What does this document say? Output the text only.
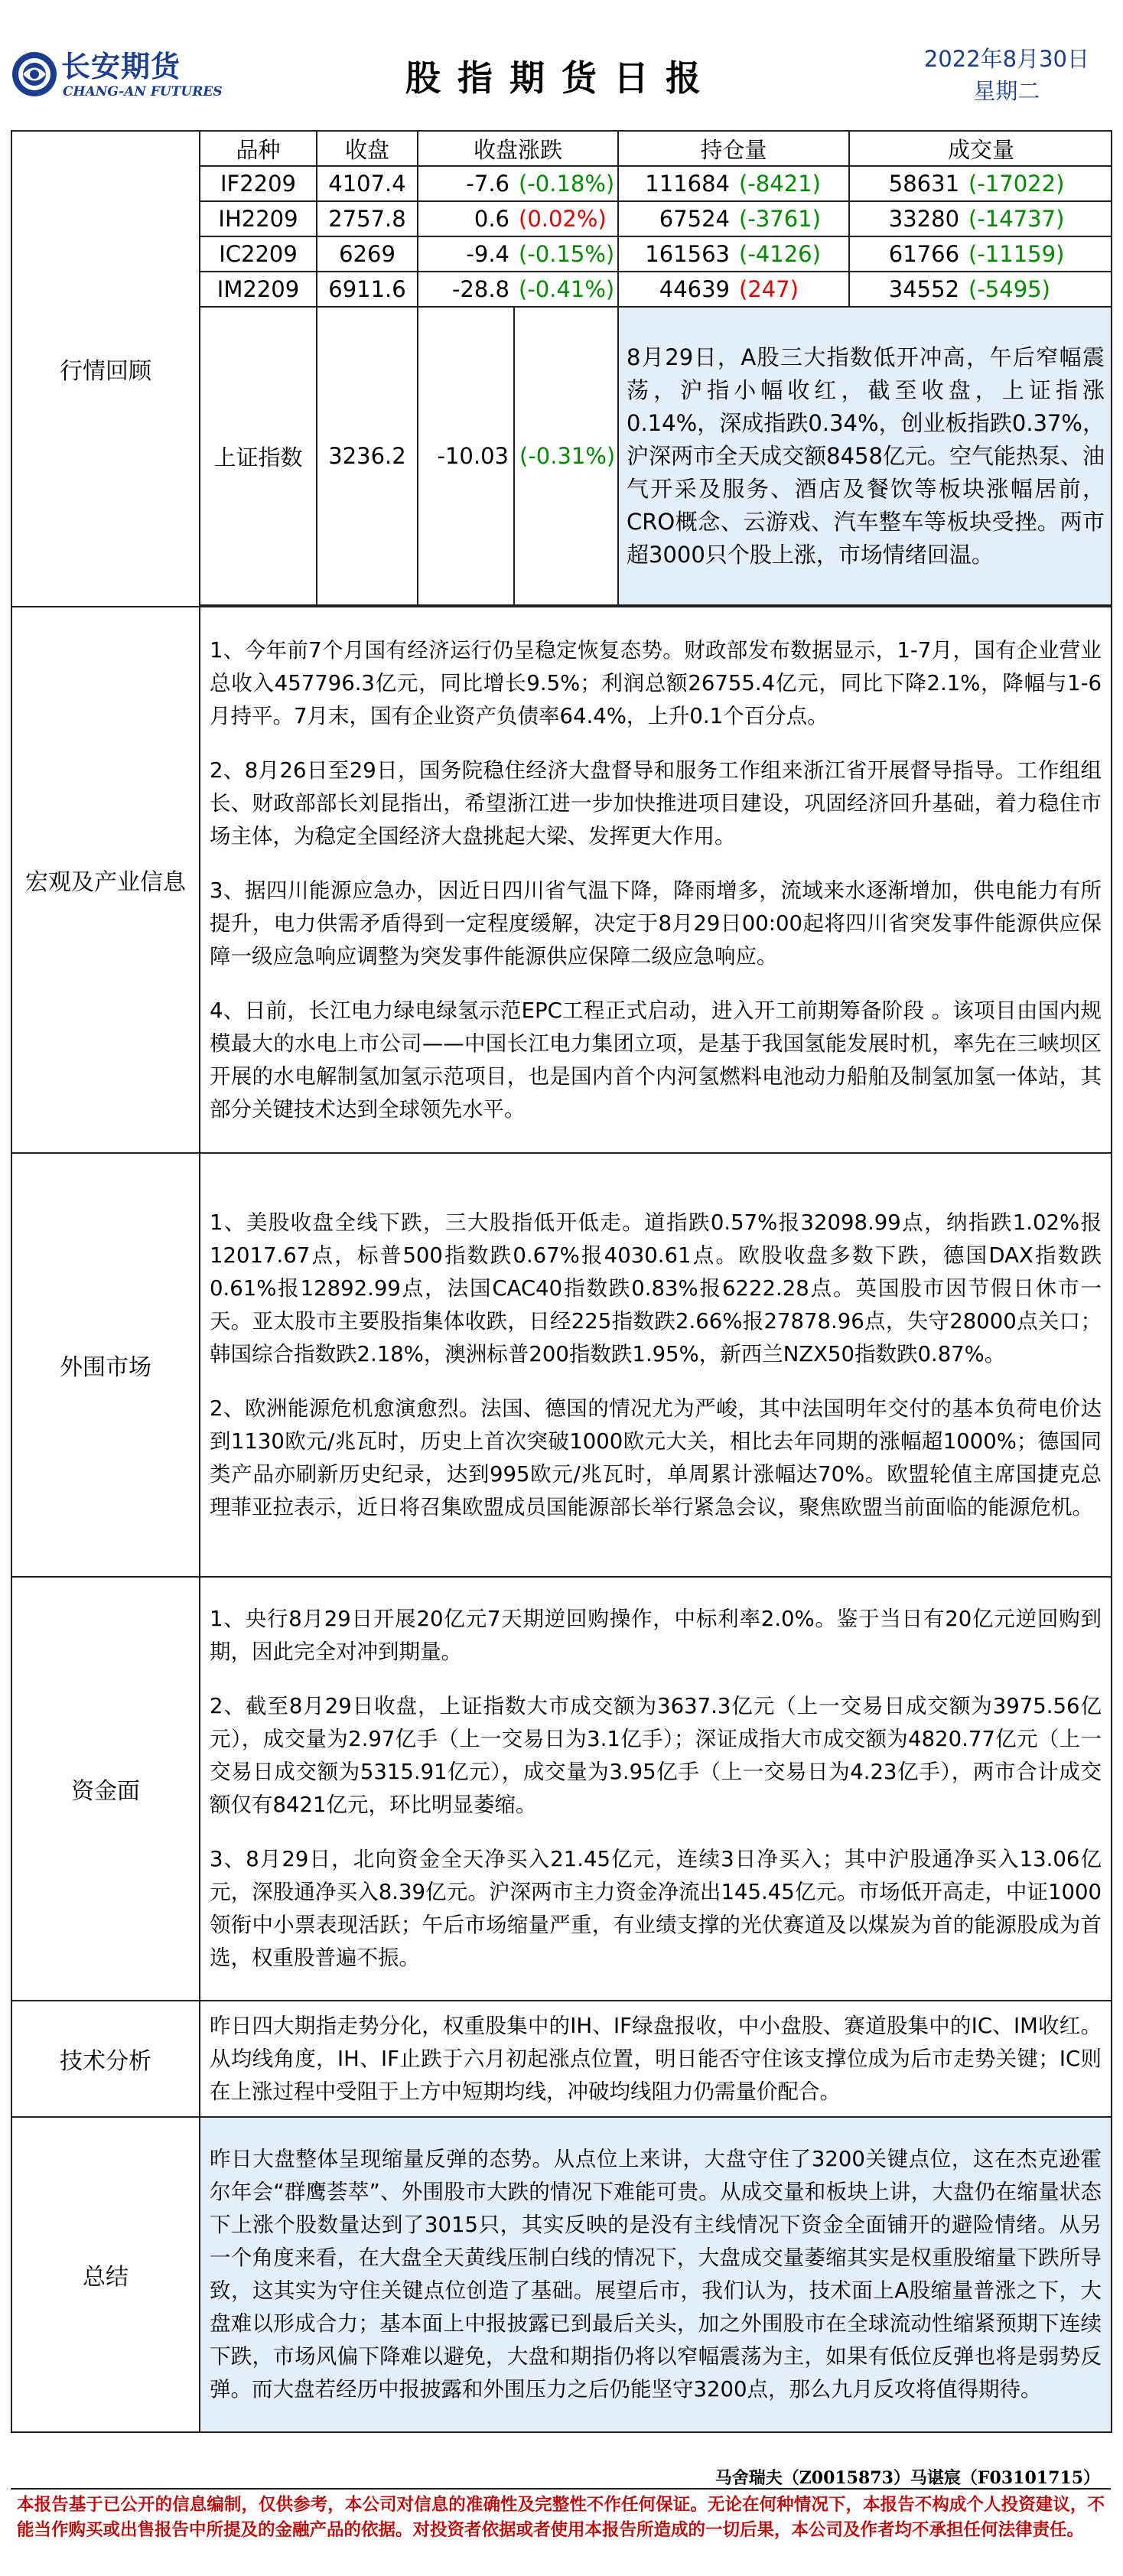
长安期货
CHANG-AN FUTURES	股指期货日报	2022年8月30日
星期二
行情回顾	
品种	收盘	收盘涨跌	持仓量	成交量
IF2209	4107.4	-7.6	(-0.18%)	111684	(-8421)	58631	(-17022)
IH2209	2757.8	0.6	(0.02%)	67524	(-3761)	33280	(-14737)
IC2209	6269	-9.4	(-0.15%)	161563	(-4126)	61766	(-11159)
IM2209	6911.6	-28.8	(-0.41%)	44639	(247)	34552	(-5495)
上证指数	3236.2	-10.03	(-0.31%)	8月29日，A股三大指数低开冲高，午后窄幅震荡，沪指小幅收红，截至收盘，上证指涨0.14%，深成指跌0.34%，创业板指跌0.37%，沪深两市全天成交额8458亿元。空气能热泵、油气开采及服务、酒店及餐饮等板块涨幅居前，CRO概念、云游戏、汽车整车等板块受挫。两市超3000只个股上涨，市场情绪回温。

宏观及产业信息	

1、今年前7个月国有经济运行仍呈稳定恢复态势。财政部发布数据显示，1-7月，国有企业营业总收入457796.3亿元，同比增长9.5%；利润总额26755.4亿元，同比下降2.1%，降幅与1-6月持平。7月末，国有企业资产负债率64.4%，上升0.1个百分点。

2、8月26日至29日，国务院稳住经济大盘督导和服务工作组来浙江省开展督导指导。工作组组长、财政部部长刘昆指出，希望浙江进一步加快推进项目建设，巩固经济回升基础，着力稳住市场主体，为稳定全国经济大盘挑起大梁、发挥更大作用。

3、据四川能源应急办，因近日四川省气温下降，降雨增多，流域来水逐渐增加，供电能力有所提升，电力供需矛盾得到一定程度缓解，决定于8月29日00:00起将四川省突发事件能源供应保障一级应急响应调整为突发事件能源供应保障二级应急响应。

4、日前，长江电力绿电绿氢示范EPC工程正式启动，进入开工前期筹备阶段 。该项目由国内规模最大的水电上市公司——中国长江电力集团立项，是基于我国氢能发展时机，率先在三峡坝区开展的水电解制氢加氢示范项目，也是国内首个内河氢燃料电池动力船舶及制氢加氢一体站，其部分关键技术达到全球领先水平。

外围市场	

1、美股收盘全线下跌，三大股指低开低走。道指跌0.57%报32098.99点，纳指跌1.02%报12017.67点，标普500指数跌0.67%报4030.61点。欧股收盘多数下跌，德国DAX指数跌0.61%报12892.99点，法国CAC40指数跌0.83%报6222.28点。英国股市因节假日休市一天。亚太股市主要股指集体收跌，日经225指数跌2.66%报27878.96点，失守28000点关口；韩国综合指数跌2.18%，澳洲标普200指数跌1.95%，新西兰NZX50指数跌0.87%。

2、欧洲能源危机愈演愈烈。法国、德国的情况尤为严峻，其中法国明年交付的基本负荷电价达到1130欧元/兆瓦时，历史上首次突破1000欧元大关，相比去年同期的涨幅超1000%；德国同类产品亦刷新历史纪录，达到995欧元/兆瓦时，单周累计涨幅达70%。欧盟轮值主席国捷克总理菲亚拉表示，近日将召集欧盟成员国能源部长举行紧急会议，聚焦欧盟当前面临的能源危机。

资金面	

1、央行8月29日开展20亿元7天期逆回购操作，中标利率2.0%。鉴于当日有20亿元逆回购到期，因此完全对冲到期量。

2、截至8月29日收盘，上证指数大市成交额为3637.3亿元（上一交易日成交额为3975.56亿元），成交量为2.97亿手（上一交易日为3.1亿手）；深证成指大市成交额为4820.77亿元（上一交易日成交额为5315.91亿元），成交量为3.95亿手（上一交易日为4.23亿手），两市合计成交额仅有8421亿元，环比明显萎缩。

3、8月29日，北向资金全天净买入21.45亿元，连续3日净买入；其中沪股通净买入13.06亿元，深股通净买入8.39亿元。沪深两市主力资金净流出145.45亿元。市场低开高走，中证1000领衔中小票表现活跃；午后市场缩量严重，有业绩支撑的光伏赛道及以煤炭为首的能源股成为首选，权重股普遍不振。

技术分析	昨日四大期指走势分化，权重股集中的IH、IF绿盘报收，中小盘股、赛道股集中的IC、IM收红。从均线角度，IH、IF止跌于六月初起涨点位置，明日能否守住该支撑位成为后市走势关键；IC则在上涨过程中受阻于上方中短期均线，冲破均线阻力仍需量价配合。
总结	昨日大盘整体呈现缩量反弹的态势。从点位上来讲，大盘守住了3200关键点位，这在杰克逊霍尔年会“群鹰荟萃”、外围股市大跌的情况下难能可贵。从成交量和板块上讲，大盘仍在缩量状态下上涨个股数量达到了3015只，其实反映的是没有主线情况下资金全面铺开的避险情绪。从另一个角度来看，在大盘全天黄线压制白线的情况下，大盘成交量萎缩其实是权重股缩量下跌所导致，这其实为守住关键点位创造了基础。展望后市，我们认为，技术面上A股缩量普涨之下，大盘难以形成合力；基本面上中报披露已到最后关头，加之外围股市在全球流动性缩紧预期下连续下跌，市场风偏下降难以避免，大盘和期指仍将以窄幅震荡为主，如果有低位反弹也将是弱势反弹。而大盘若经历中报披露和外围压力之后仍能坚守3200点，那么九月反攻将值得期待。
马舍瑞夫（Z0015873）马谌宸（F03101715）
本报告基于已公开的信息编制，仅供参考，本公司对信息的准确性及完整性不作任何保证。无论在何种情况下，本报告不构成个人投资建议，不能当作购买或出售报告中所提及的金融产品的依据。对投资者依据或者使用本报告所造成的一切后果，本公司及作者均不承担任何法律责任。
